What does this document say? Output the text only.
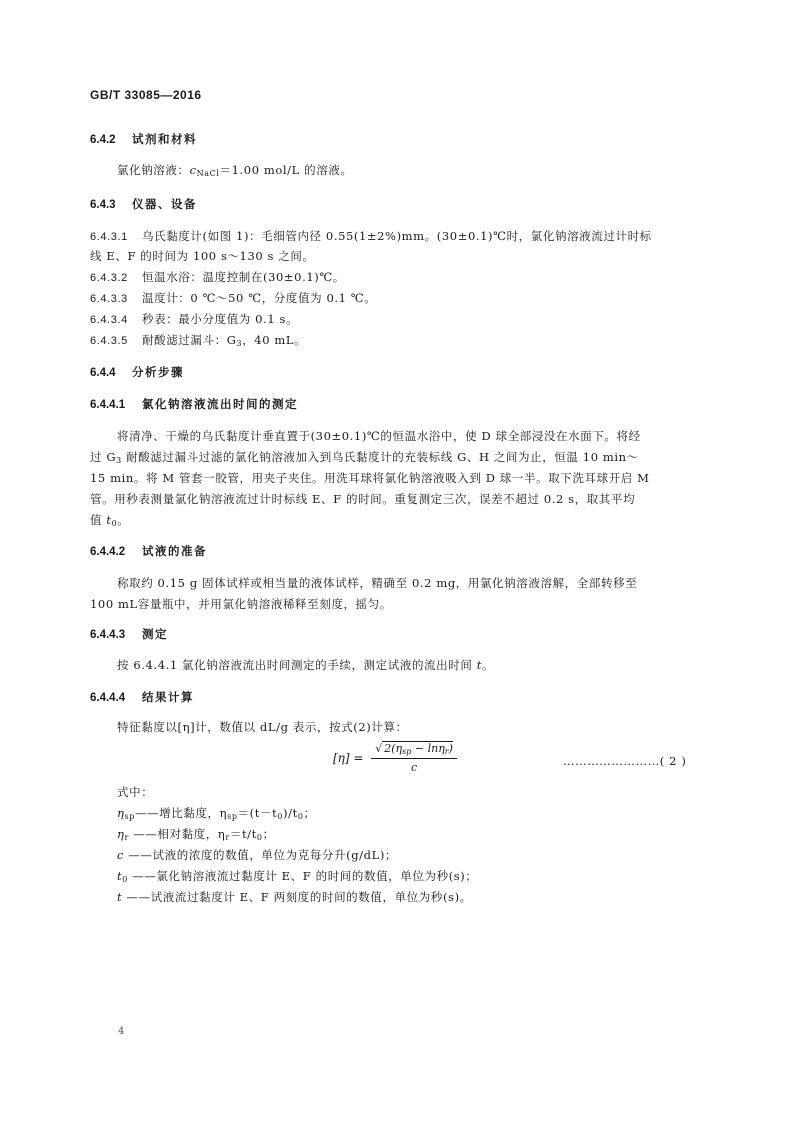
GB/T 33085—2016
6.4.2 试剂和材料
氯化钠溶液：$c_{NaCl}=1.00$ mol/L 的溶液。
6.4.3 仪器、设备
6.4.3.1 乌氏黏度计(如图 1)：毛细管内径 0.55(1±2%)mm。(30±0.1)℃时，氯化钠溶液流过计时标
线 E、F 的时间为 100 s～130 s 之间。
6.4.3.2 恒温水浴：温度控制在(30±0.1)℃。
6.4.3.3 温度计：0 ℃～50 ℃，分度值为 0.1 ℃。
6.4.3.4 秒表：最小分度值为 0.1 s。
6.4.3.5 耐酸滤过漏斗：$G_3$，40 mL。
6.4.4 分析步骤
6.4.4.1 氯化钠溶液流出时间的测定
将清净、干燥的乌氏黏度计垂直置于(30±0.1)℃的恒温水浴中，使 D 球全部浸没在水面下。将经
过 $G_3$ 耐酸滤过漏斗过滤的氯化钠溶液加入到乌氏黏度计的充装标线 G、H 之间为止，恒温 10 min～
15 min。将 M 管套一胶管，用夹子夹住。用洗耳球将氯化钠溶液吸入到 D 球一半。取下洗耳球开启 M
管。用秒表测量氯化钠溶液流过计时标线 E、F 的时间。重复测定三次，误差不超过 0.2 s，取其平均
值 $t_0$。
6.4.4.2 试液的准备
称取约 0.15 g 固体试样或相当量的液体试样，精确至 0.2 mg，用氯化钠溶液溶解，全部转移至
100 mL容量瓶中，并用氯化钠溶液稀释至刻度，摇匀。
6.4.4.3 测定
按 6.4.4.1 氯化钠溶液流出时间测定的手续，测定试液的流出时间 t。
6.4.4.4 结果计算
特征黏度以[η]计，数值以 dL/g 表示，按式(2)计算：
$[\eta] = \frac{√ 2(\eta_{sp} - \ln\eta_r)}{c}$	……………………( 2 )
式中：
$\eta_{sp}——$增比黏度，$\eta_{sp}=(t-t_0)/t_0$；
$\eta_r$ ——相对黏度，$\eta_r=t/t_0$；
c ——试液的浓度的数值，单位为克每分升(g/dL)；
$t_0$ ——氯化钠溶液流过黏度计 E、F 的时间的数值，单位为秒(s)；
t ——试液流过黏度计 E、F 两刻度的时间的数值，单位为秒(s)。
4
